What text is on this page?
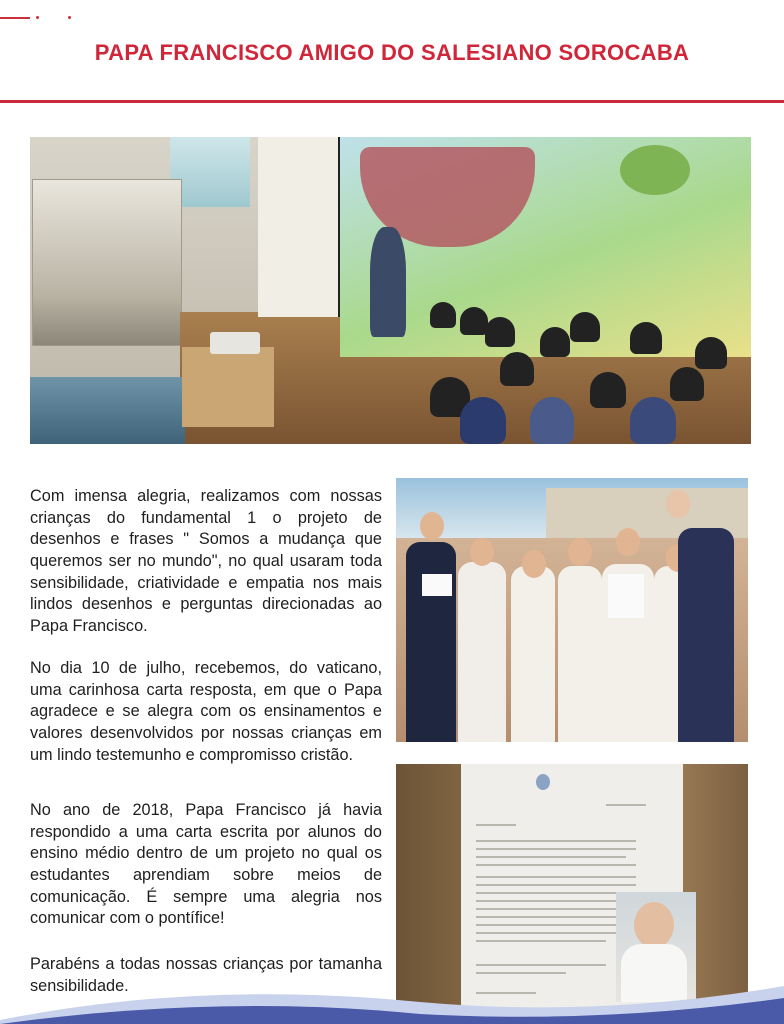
PAPA FRANCISCO AMIGO DO SALESIANO SOROCABA

Com imensa alegria, realizamos com nossas crianças do fundamental 1 o projeto de desenhos e frases " Somos a mudança que queremos ser no mundo", no qual usaram toda sensibilidade, criatividade e empatia nos mais lindos desenhos e perguntas direcionadas ao Papa Francisco.

No dia 10 de julho, recebemos, do vaticano, uma carinhosa carta resposta, em que o Papa agradece e se alegra com os ensinamentos e valores desenvolvidos por nossas crianças em um lindo testemunho e compromisso cristão.

No ano de 2018, Papa Francisco já havia respondido a uma carta escrita por alunos do ensino médio dentro de um projeto no qual os estudantes aprendiam sobre meios de comunicação. É sempre uma alegria nos comunicar com o pontífice!

Parabéns a todas nossas crianças por tamanha sensibilidade.
